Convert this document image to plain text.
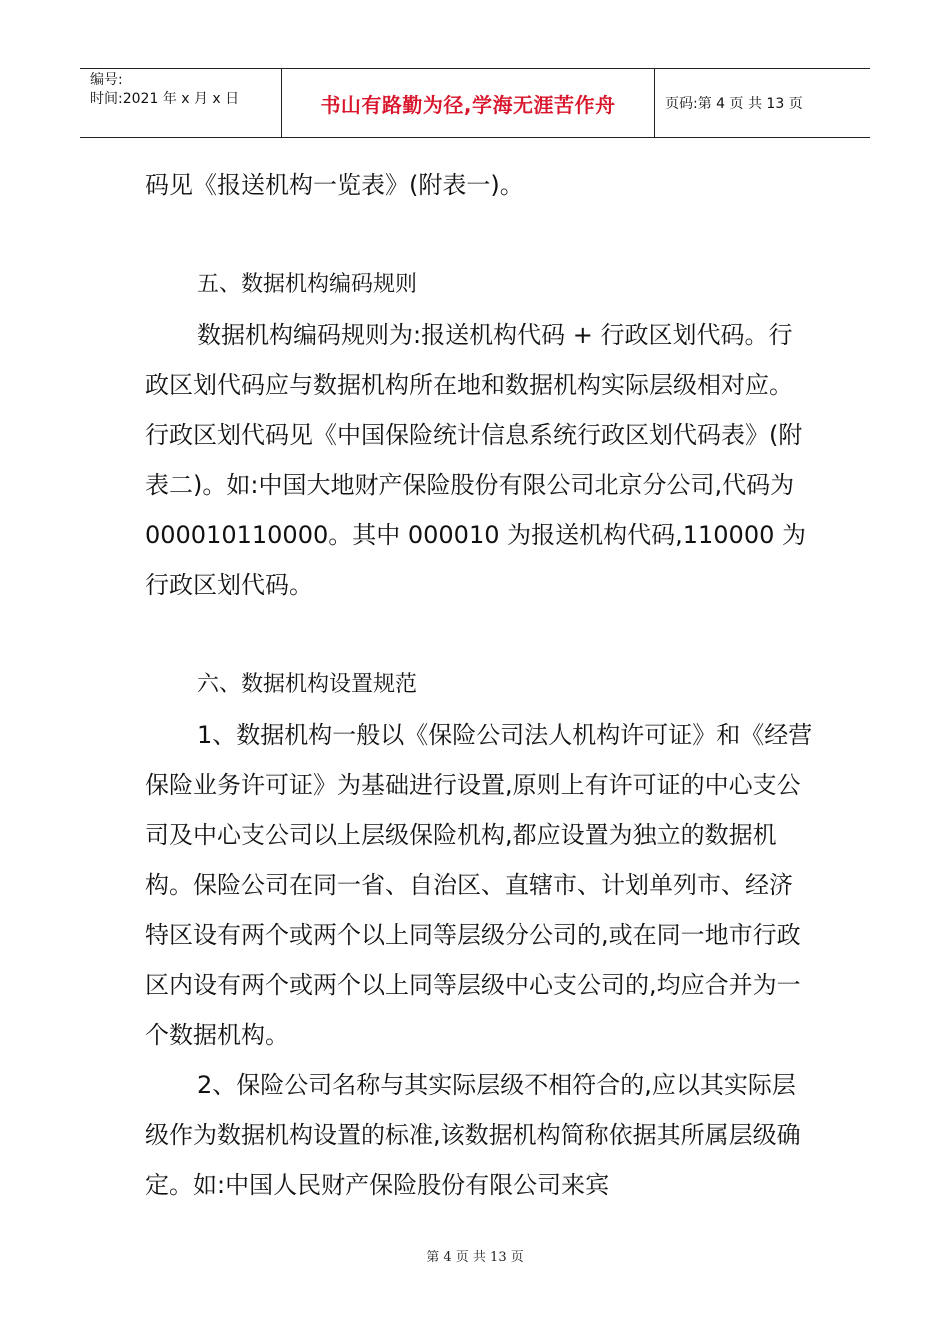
编号:
时间:2021 年 x 月 x 日	书山有路勤为径,学海无涯苦作舟	页码:第 4 页 共 13 页

码见《报送机构一览表》(附表一)。

五、数据机构编码规则

数据机构编码规则为:报送机构代码 + 行政区划代码。行政区划代码应与数据机构所在地和数据机构实际层级相对应。行政区划代码见《中国保险统计信息系统行政区划代码表》(附表二)。如:中国大地财产保险股份有限公司北京分公司,代码为 000010110000。其中 000010 为报送机构代码,110000 为行政区划代码。

六、数据机构设置规范

1、数据机构一般以《保险公司法人机构许可证》和《经营保险业务许可证》为基础进行设置,原则上有许可证的中心支公司及中心支公司以上层级保险机构,都应设置为独立的数据机构。保险公司在同一省、自治区、直辖市、计划单列市、经济特区设有两个或两个以上同等层级分公司的,或在同一地市行政区内设有两个或两个以上同等层级中心支公司的,均应合并为一个数据机构。

2、保险公司名称与其实际层级不相符合的,应以其实际层级作为数据机构设置的标准,该数据机构简称依据其所属层级确定。如:中国人民财产保险股份有限公司来宾

第 4 页 共 13 页
